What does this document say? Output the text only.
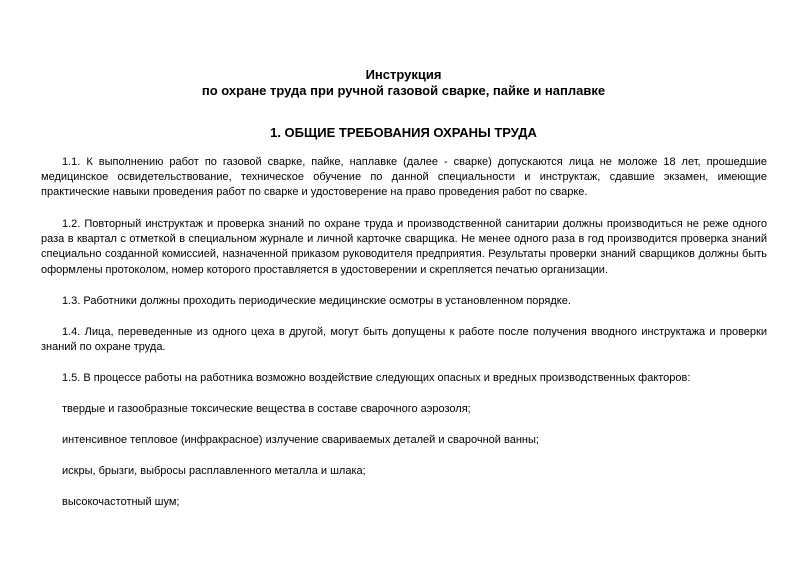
Инструкция
по охране труда при ручной газовой сварке, пайке и наплавке
1. ОБЩИЕ ТРЕБОВАНИЯ ОХРАНЫ ТРУДА

1.1. К выполнению работ по газовой сварке, пайке, наплавке (далее - сварке) допускаются лица не моложе 18 лет, прошедшие медицинское освидетельствование, техническое обучение по данной специальности и инструктаж, сдавшие экзамен, имеющие практические навыки проведения работ по сварке и удостоверение на право проведения работ по сварке.

1.2. Повторный инструктаж и проверка знаний по охране труда и производственной санитарии должны производиться не реже одного раза в квартал с отметкой в специальном журнале и личной карточке сварщика. Не менее одного раза в год производится проверка знаний специально созданной комиссией, назначенной приказом руководителя предприятия. Результаты проверки знаний сварщиков должны быть оформлены протоколом, номер которого проставляется в удостоверении и скрепляется печатью организации.

1.3. Работники должны проходить периодические медицинские осмотры в установленном порядке.

1.4. Лица, переведенные из одного цеха в другой, могут быть допущены к работе после получения вводного инструктажа и проверки знаний по охране труда.

1.5. В процессе работы на работника возможно воздействие следующих опасных и вредных производственных факторов:

твердые и газообразные токсические вещества в составе сварочного аэрозоля;

интенсивное тепловое (инфракрасное) излучение свариваемых деталей и сварочной ванны;

искры, брызги, выбросы расплавленного металла и шлака;

высокочастотный шум;
